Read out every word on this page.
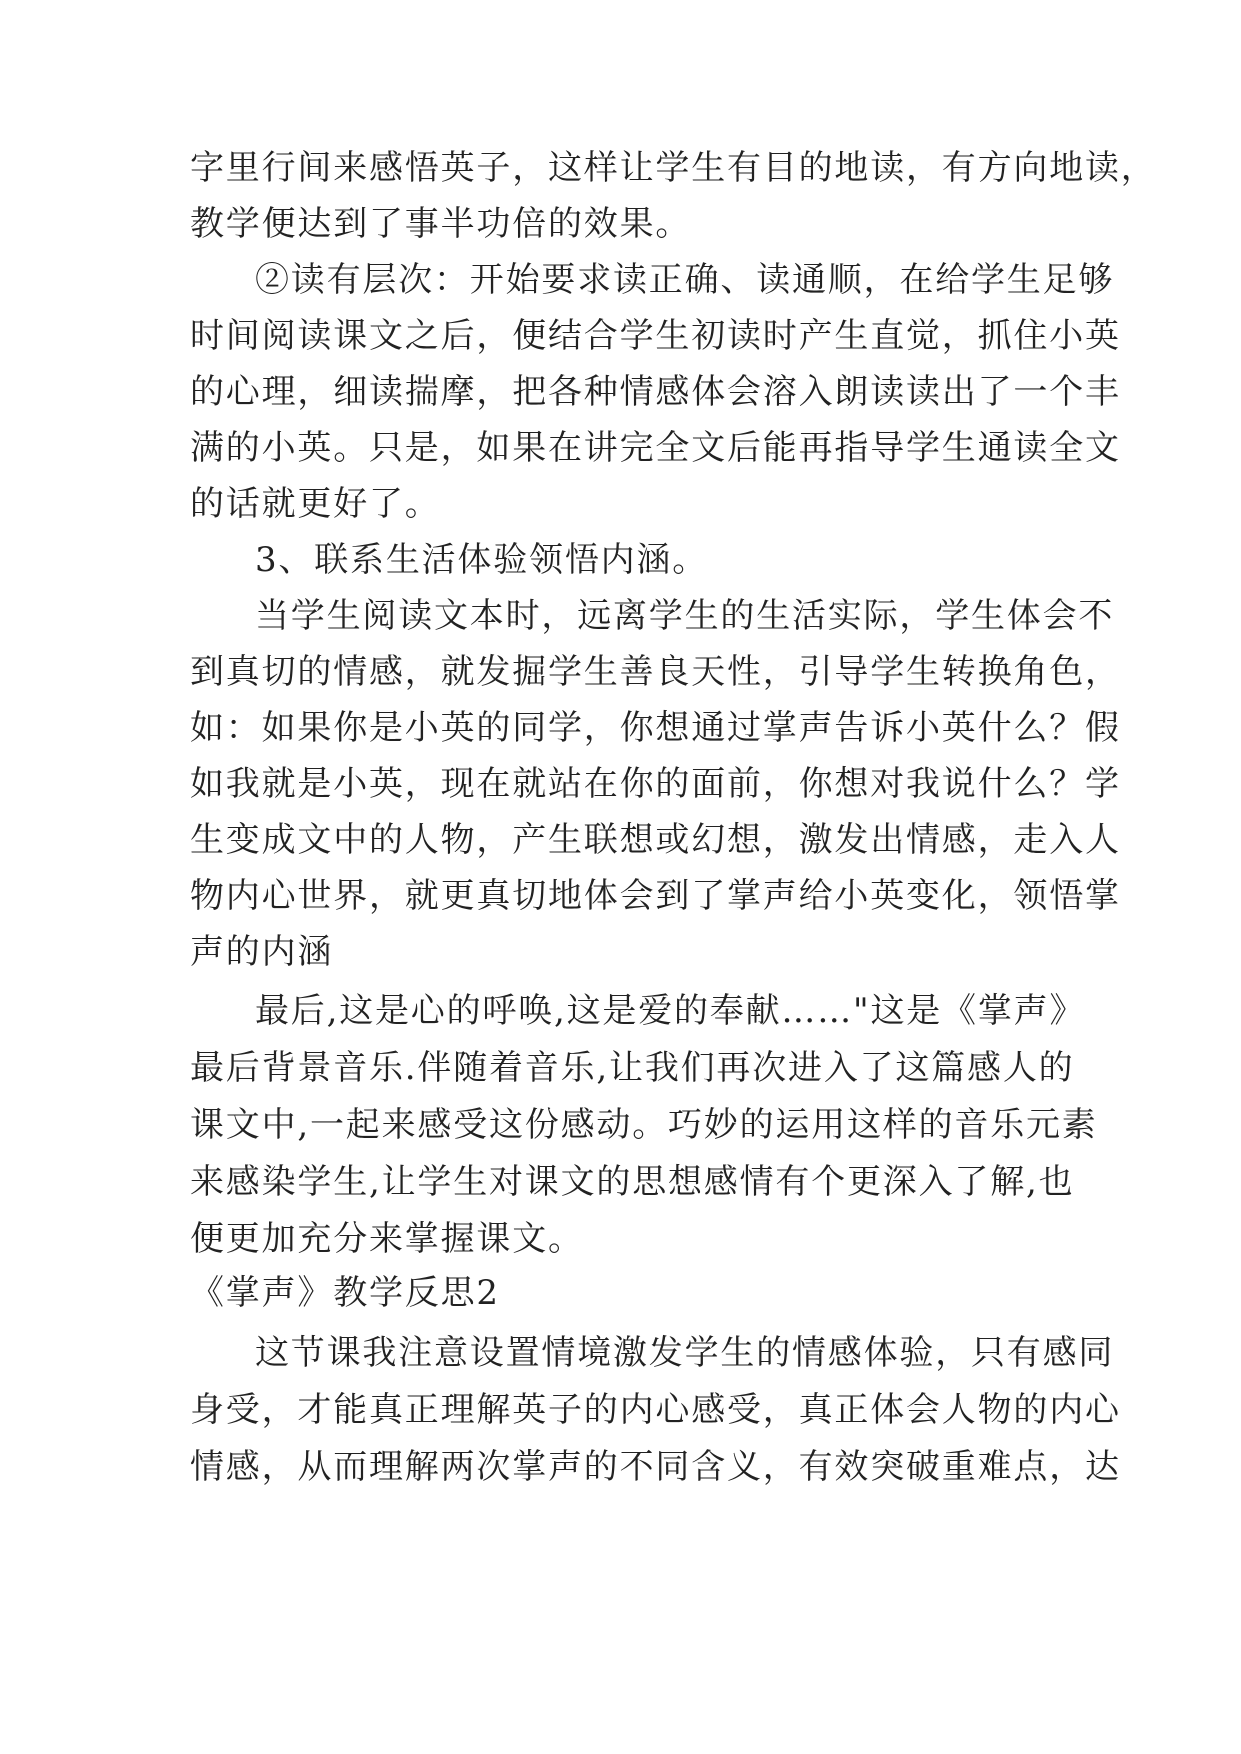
字里行间来感悟英子，这样让学生有目的地读，有方向地读，
教学便达到了事半功倍的效果。
②读有层次：开始要求读正确、读通顺，在给学生足够
时间阅读课文之后，便结合学生初读时产生直觉，抓住小英
的心理，细读揣摩，把各种情感体会溶入朗读读出了一个丰
满的小英。只是，如果在讲完全文后能再指导学生通读全文
的话就更好了。
3、联系生活体验领悟内涵。
当学生阅读文本时，远离学生的生活实际，学生体会不
到真切的情感，就发掘学生善良天性，引导学生转换角色，
如：如果你是小英的同学，你想通过掌声告诉小英什么？假
如我就是小英，现在就站在你的面前，你想对我说什么？学
生变成文中的人物，产生联想或幻想，激发出情感，走入人
物内心世界，就更真切地体会到了掌声给小英变化，领悟掌
声的内涵
最后,这是心的呼唤,这是爱的奉献……"这是《掌声》
最后背景音乐.伴随着音乐,让我们再次进入了这篇感人的
课文中,一起来感受这份感动。巧妙的运用这样的音乐元素
来感染学生,让学生对课文的思想感情有个更深入了解,也
便更加充分来掌握课文。
《掌声》教学反思2
这节课我注意设置情境激发学生的情感体验，只有感同
身受，才能真正理解英子的内心感受，真正体会人物的内心
情感，从而理解两次掌声的不同含义，有效突破重难点，达
